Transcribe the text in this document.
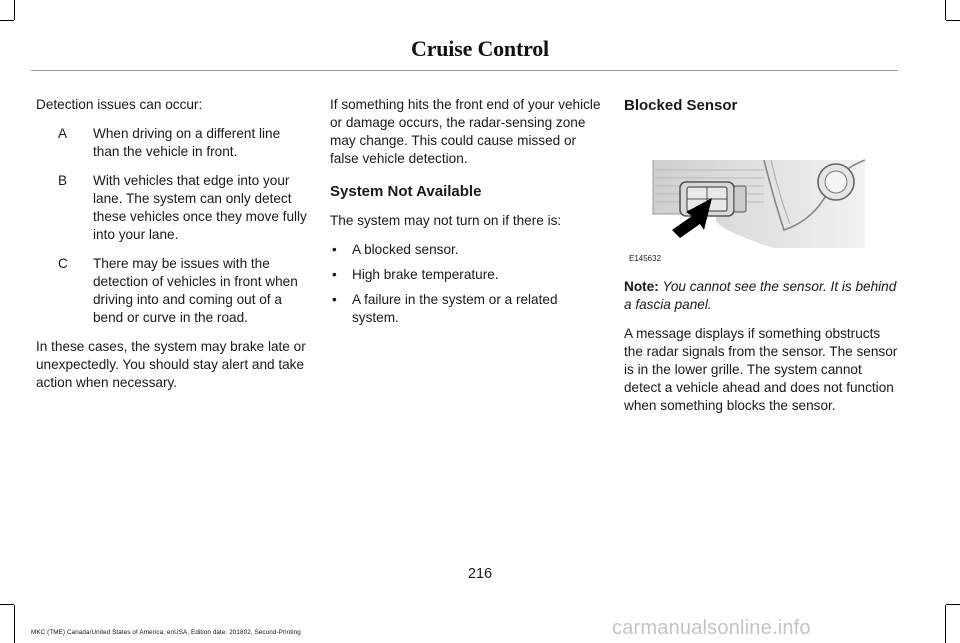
Cruise Control

Detection issues can occur:

A	When driving on a different line than the vehicle in front.
B	With vehicles that edge into your lane. The system can only detect these vehicles once they move fully into your lane.
C	There may be issues with the detection of vehicles in front when driving into and coming out of a bend or curve in the road.

In these cases, the system may brake late or unexpectedly. You should stay alert and take action when necessary.

If something hits the front end of your vehicle or damage occurs, the radar-sensing zone may change. This could cause missed or false vehicle detection.

System Not Available

The system may not turn on if there is:

•	A blocked sensor.
•	High brake temperature.
•	A failure in the system or a related system.
Blocked Sensor
E145632

Note: You cannot see the sensor. It is behind a fascia panel.

A message displays if something obstructs the radar signals from the sensor. The sensor is in the lower grille. The system cannot detect a vehicle ahead and does not function when something blocks the sensor.

216
MKC (TME) Canada/United States of America, enUSA, Edition date: 201802, Second-Printing	carmanualsonline.info
